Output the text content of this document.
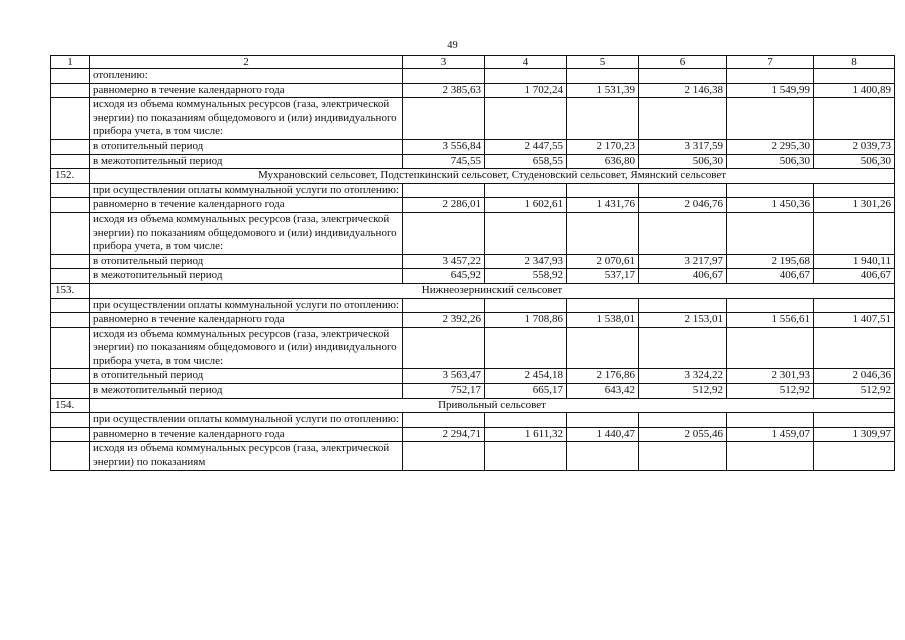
49
1	2	3	4	5	6	7	8
	отоплению:						
	равномерно в течение календарного года	2 385,63	1 702,24	1 531,39	2 146,38	1 549,99	1 400,89
	исходя из объема коммунальных ресурсов (газа, электрической энергии) по показаниям общедомового и (или) индивидуального прибора учета, в том числе:						
	в отопительный период	3 556,84	2 447,55	2 170,23	3 317,59	2 295,30	2 039,73
	в межотопительный период	745,55	658,55	636,80	506,30	506,30	506,30
152.	Мухрановский сельсовет, Подстепкинский сельсовет, Студеновский сельсовет, Ямянский сельсовет						
	при осуществлении оплаты коммунальной услуги по отоплению:						
	равномерно в течение календарного года	2 286,01	1 602,61	1 431,76	2 046,76	1 450,36	1 301,26
	исходя из объема коммунальных ресурсов (газа, электрической энергии) по показаниям общедомового и (или) индивидуального прибора учета, в том числе:						
	в отопительный период	3 457,22	2 347,93	2 070,61	3 217,97	2 195,68	1 940,11
	в межотопительный период	645,92	558,92	537,17	406,67	406,67	406,67
153.	Нижнеозернинский сельсовет						
	при осуществлении оплаты коммунальной услуги по отоплению:						
	равномерно в течение календарного года	2 392,26	1 708,86	1 538,01	2 153,01	1 556,61	1 407,51
	исходя из объема коммунальных ресурсов (газа, электрической энергии) по показаниям общедомового и (или) индивидуального прибора учета, в том числе:						
	в отопительный период	3 563,47	2 454,18	2 176,86	3 324,22	2 301,93	2 046,36
	в межотопительный период	752,17	665,17	643,42	512,92	512,92	512,92
154.	Привольный сельсовет						
	при осуществлении оплаты коммунальной услуги по отоплению:						
	равномерно в течение календарного года	2 294,71	1 611,32	1 440,47	2 055,46	1 459,07	1 309,97
	исходя из объема коммунальных ресурсов (газа, электрической энергии) по показаниям						
